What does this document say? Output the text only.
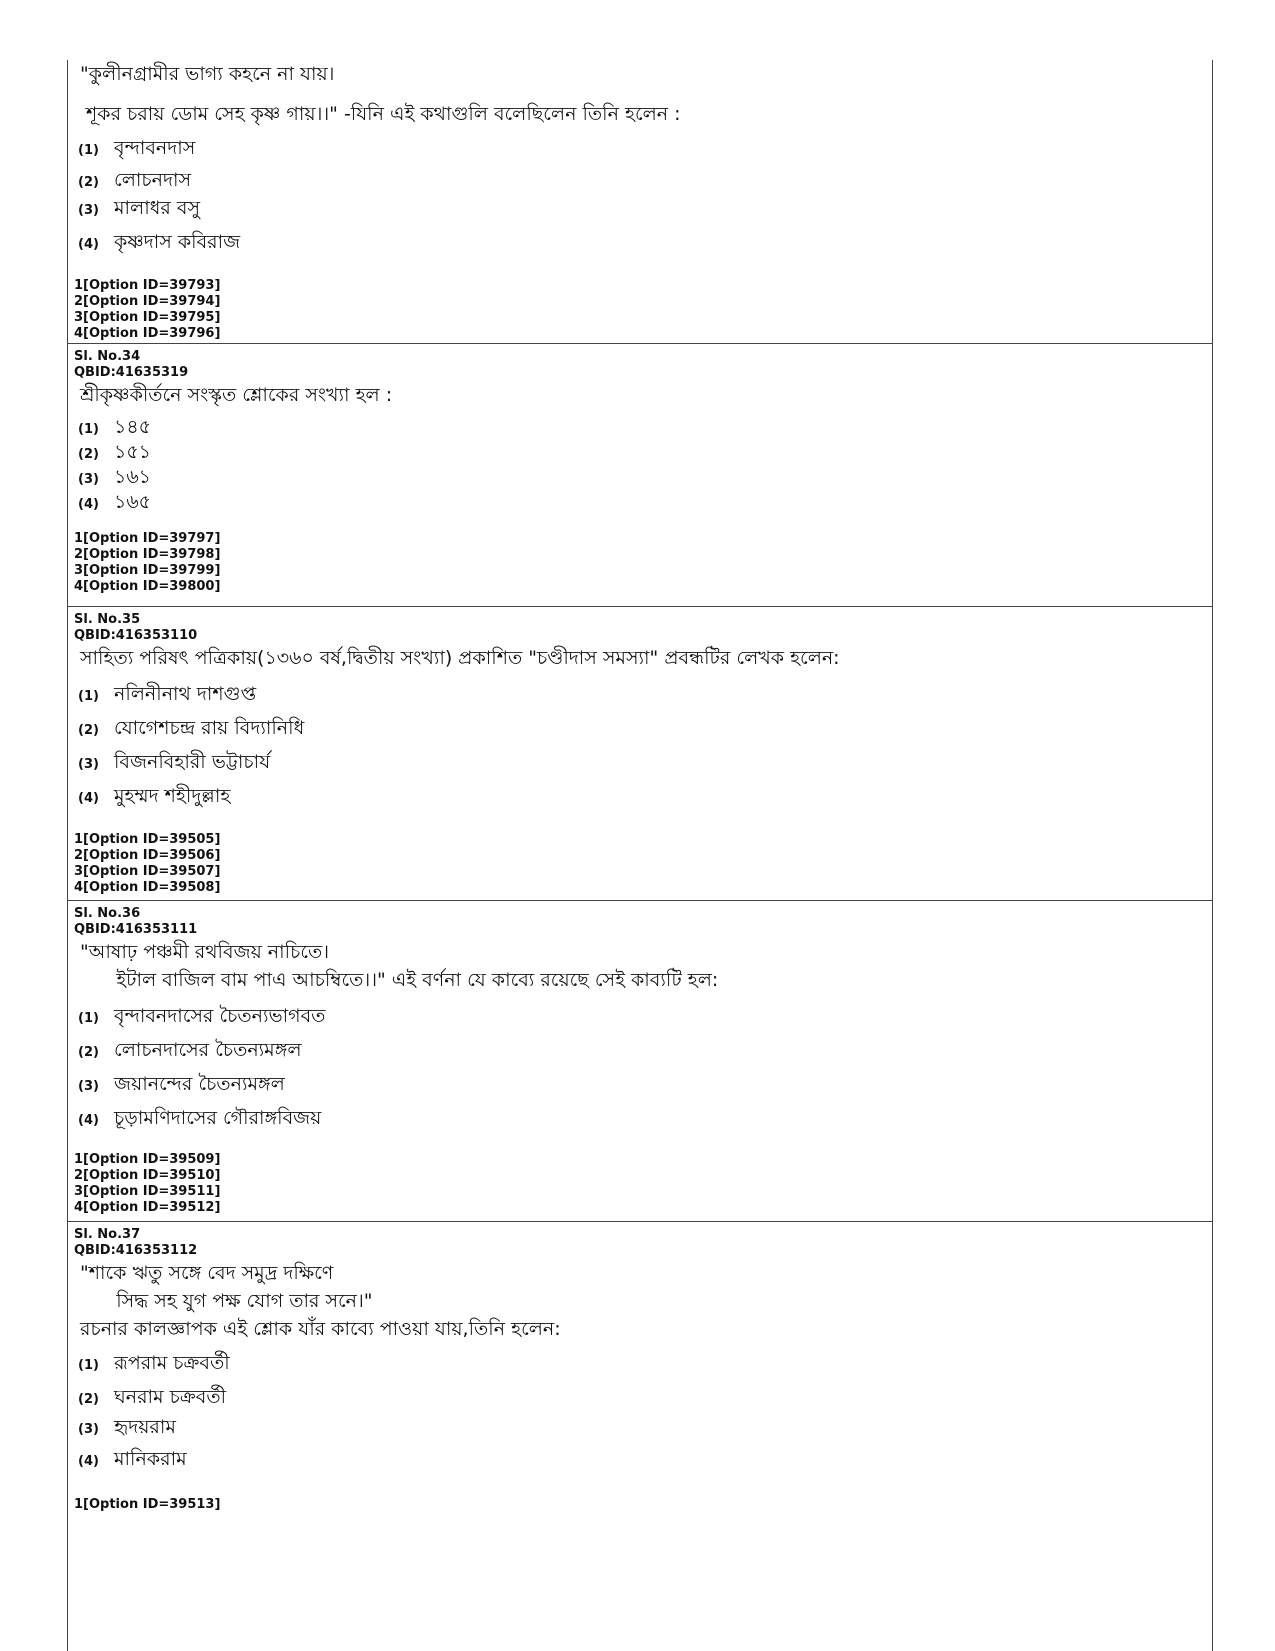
"কুলীনগ্রামীর ভাগ্য কহনে না যায়।
শূকর চরায় ডোম সেহ কৃষ্ণ গায়।।" -যিনি এই কথাগুলি বলেছিলেন তিনি হলেন :
(1) বৃন্দাবনদাস
(2) লোচনদাস
(3) মালাধর বসু
(4) কৃষ্ণদাস কবিরাজ
1[Option ID=39793]
2[Option ID=39794]
3[Option ID=39795]
4[Option ID=39796]
Sl. No.34
QBID:41635319
শ্রীকৃষ্ণকীর্তনে সংস্কৃত শ্লোকের সংখ্যা হল :
(1) ১৪৫
(2) ১৫১
(3) ১৬১
(4) ১৬৫
1[Option ID=39797]
2[Option ID=39798]
3[Option ID=39799]
4[Option ID=39800]
Sl. No.35
QBID:416353110
সাহিত্য পরিষৎ পত্রিকায়(১৩৬০ বর্ষ,দ্বিতীয় সংখ্যা) প্রকাশিত "চণ্ডীদাস সমস্যা" প্রবন্ধটির লেখক হলেন:
(1) নলিনীনাথ দাশগুপ্ত
(2) যোগেশচন্দ্র রায় বিদ্যানিধি
(3) বিজনবিহারী ভট্টাচার্য
(4) মুহম্মদ শহীদুল্লাহ
1[Option ID=39505]
2[Option ID=39506]
3[Option ID=39507]
4[Option ID=39508]
Sl. No.36
QBID:416353111
"আষাঢ় পঞ্চমী রথবিজয় নাচিতে।
ইটাল বাজিল বাম পাএ আচম্বিতে।।" এই বর্ণনা যে কাব্যে রয়েছে সেই কাব্যটি হল:
(1) বৃন্দাবনদাসের চৈতন্যভাগবত
(2) লোচনদাসের চৈতন্যমঙ্গল
(3) জয়ানন্দের চৈতন্যমঙ্গল
(4) চূড়ামণিদাসের গৌরাঙ্গবিজয়
1[Option ID=39509]
2[Option ID=39510]
3[Option ID=39511]
4[Option ID=39512]
Sl. No.37
QBID:416353112
"শাকে ঋতু সঙ্গে বেদ সমুদ্র দক্ষিণে
সিদ্ধ সহ যুগ পক্ষ যোগ তার সনে।"
রচনার কালজ্ঞাপক এই শ্লোক যাঁর কাব্যে পাওয়া যায়,তিনি হলেন:
(1) রূপরাম চক্রবর্তী
(2) ঘনরাম চক্রবর্তী
(3) হৃদয়রাম
(4) মানিকরাম
1[Option ID=39513]
